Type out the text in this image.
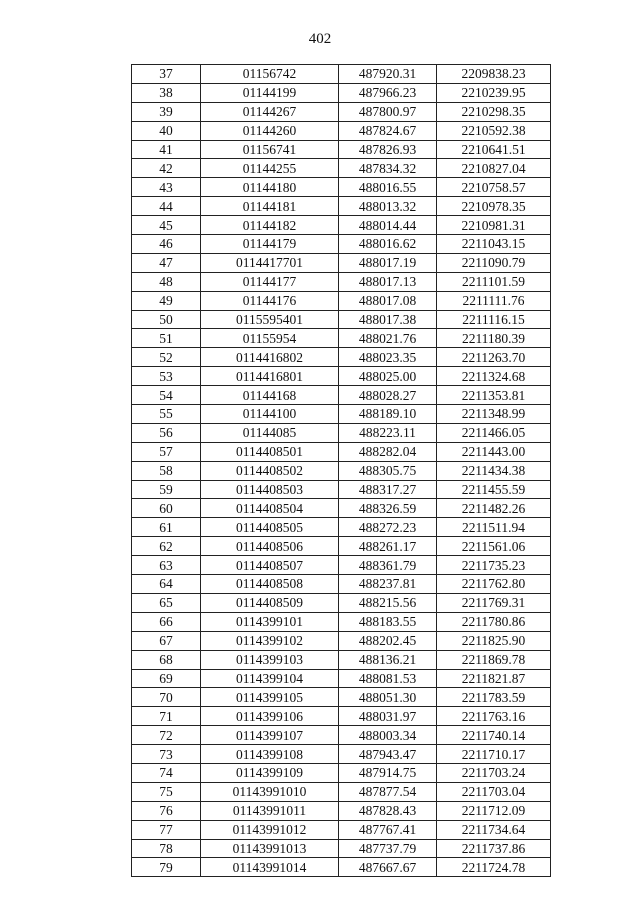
402
37	01156742	487920.31	2209838.23
38	01144199	487966.23	2210239.95
39	01144267	487800.97	2210298.35
40	01144260	487824.67	2210592.38
41	01156741	487826.93	2210641.51
42	01144255	487834.32	2210827.04
43	01144180	488016.55	2210758.57
44	01144181	488013.32	2210978.35
45	01144182	488014.44	2210981.31
46	01144179	488016.62	2211043.15
47	0114417701	488017.19	2211090.79
48	01144177	488017.13	2211101.59
49	01144176	488017.08	2211111.76
50	0115595401	488017.38	2211116.15
51	01155954	488021.76	2211180.39
52	0114416802	488023.35	2211263.70
53	0114416801	488025.00	2211324.68
54	01144168	488028.27	2211353.81
55	01144100	488189.10	2211348.99
56	01144085	488223.11	2211466.05
57	0114408501	488282.04	2211443.00
58	0114408502	488305.75	2211434.38
59	0114408503	488317.27	2211455.59
60	0114408504	488326.59	2211482.26
61	0114408505	488272.23	2211511.94
62	0114408506	488261.17	2211561.06
63	0114408507	488361.79	2211735.23
64	0114408508	488237.81	2211762.80
65	0114408509	488215.56	2211769.31
66	0114399101	488183.55	2211780.86
67	0114399102	488202.45	2211825.90
68	0114399103	488136.21	2211869.78
69	0114399104	488081.53	2211821.87
70	0114399105	488051.30	2211783.59
71	0114399106	488031.97	2211763.16
72	0114399107	488003.34	2211740.14
73	0114399108	487943.47	2211710.17
74	0114399109	487914.75	2211703.24
75	01143991010	487877.54	2211703.04
76	01143991011	487828.43	2211712.09
77	01143991012	487767.41	2211734.64
78	01143991013	487737.79	2211737.86
79	01143991014	487667.67	2211724.78
